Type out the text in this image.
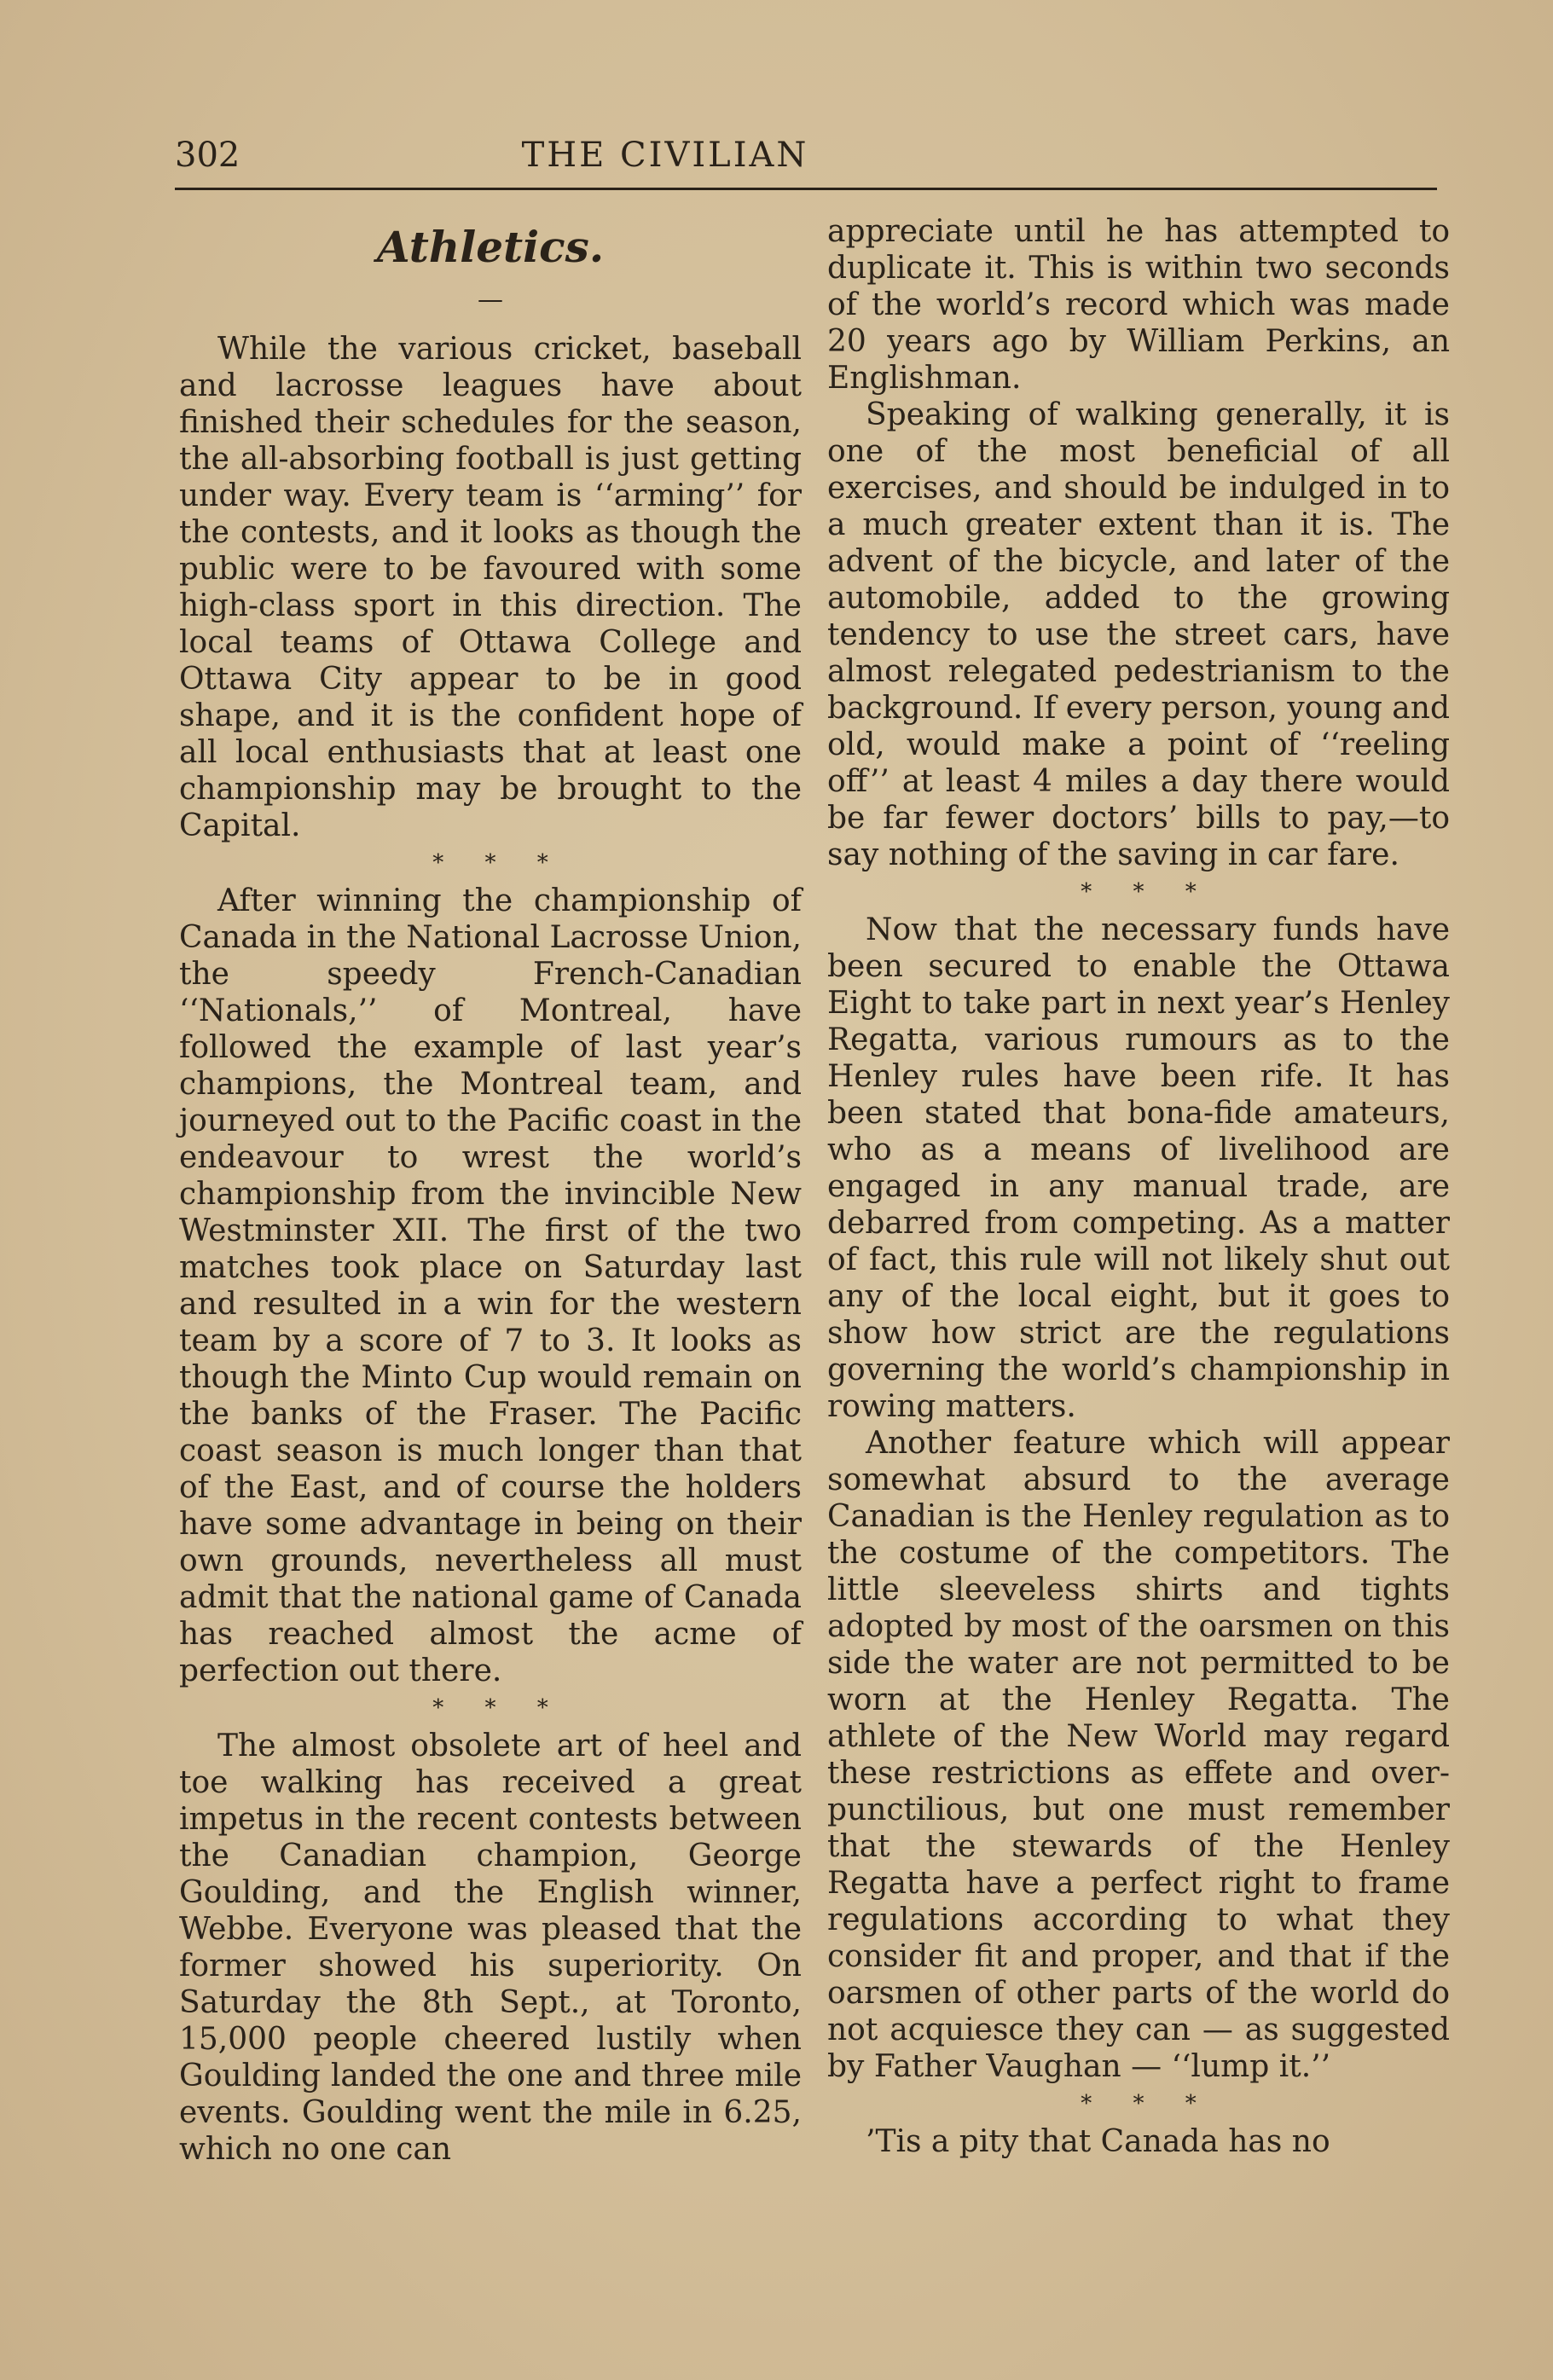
302	THE CIVILIAN
Athletics.
—

While the various cricket, baseball and lacrosse leagues have about finished their schedules for the season, the all-absorbing football is just getting under way. Every team is ‘‘arming’’ for the contests, and it looks as though the public were to be favoured with some high-class sport in this direction. The local teams of Ottawa College and Ottawa City appear to be in good shape, and it is the confident hope of all local enthusiasts that at least one championship may be brought to the Capital.

* * *

After winning the championship of Canada in the National Lacrosse Union, the speedy French-Canadian ‘‘Nationals,’’ of Montreal, have followed the example of last year’s champions, the Montreal team, and journeyed out to the Pacific coast in the endeavour to wrest the world’s championship from the invincible New Westminster XII. The first of the two matches took place on Saturday last and resulted in a win for the western team by a score of 7 to 3. It looks as though the Minto Cup would remain on the banks of the Fraser. The Pacific coast season is much longer than that of the East, and of course the holders have some advantage in being on their own grounds, nevertheless all must admit that the national game of Canada has reached almost the acme of perfection out there.

* * *

The almost obsolete art of heel and toe walking has received a great impetus in the recent contests between the Canadian champion, George Goulding, and the English winner, Webbe. Everyone was pleased that the former showed his superiority. On Saturday the 8th Sept., at Toronto, 15,000 people cheered lustily when Goulding landed the one and three mile events. Goulding went the mile in 6.25, which no one can

appreciate until he has attempted to duplicate it. This is within two seconds of the world’s record which was made 20 years ago by William Perkins, an Englishman.

Speaking of walking generally, it is one of the most beneficial of all exercises, and should be indulged in to a much greater extent than it is. The advent of the bicycle, and later of the automobile, added to the growing tendency to use the street cars, have almost relegated pedestrianism to the background. If every person, young and old, would make a point of ‘‘reeling off’’ at least 4 miles a day there would be far fewer doctors’ bills to pay,—to say nothing of the saving in car fare.

* * *

Now that the necessary funds have been secured to enable the Ottawa Eight to take part in next year’s Henley Regatta, various rumours as to the Henley rules have been rife. It has been stated that bona-fide amateurs, who as a means of livelihood are engaged in any manual trade, are debarred from competing. As a matter of fact, this rule will not likely shut out any of the local eight, but it goes to show how strict are the regulations governing the world’s championship in rowing matters.

Another feature which will appear somewhat absurd to the average Canadian is the Henley regulation as to the costume of the competitors. The little sleeveless shirts and tights adopted by most of the oarsmen on this side the water are not permitted to be worn at the Henley Regatta. The athlete of the New World may regard these restrictions as effete and over-punctilious, but one must remember that the stewards of the Henley Regatta have a perfect right to frame regulations according to what they consider fit and proper, and that if the oarsmen of other parts of the world do not acquiesce they can — as suggested by Father Vaughan — ‘‘lump it.’’

* * *

’Tis a pity that Canada has no
